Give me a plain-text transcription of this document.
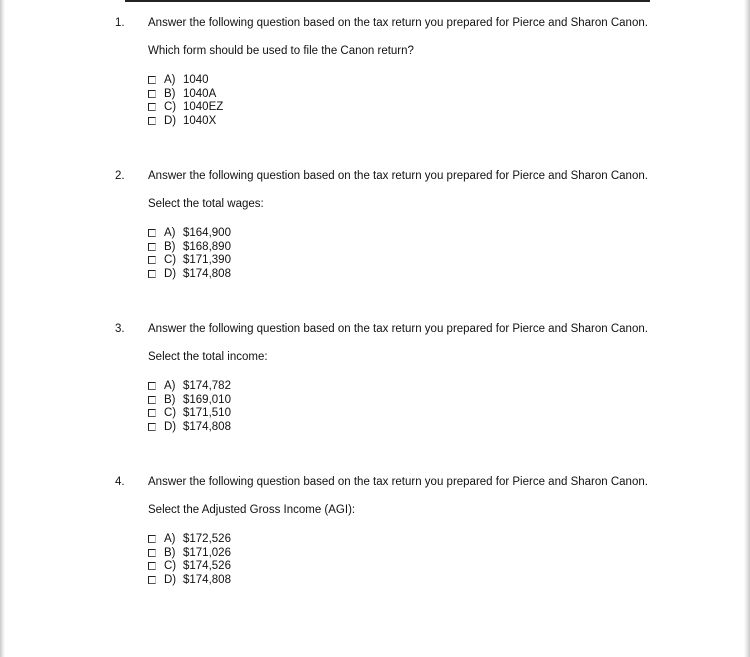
1. Answer the following question based on the tax return you prepared for Pierce and Sharon Canon.

Which form should be used to file the Canon return?

A) 1040
B) 1040A
C) 1040EZ
D) 1040X
2. Answer the following question based on the tax return you prepared for Pierce and Sharon Canon.

Select the total wages:

A) $164,900
B) $168,890
C) $171,390
D) $174,808
3. Answer the following question based on the tax return you prepared for Pierce and Sharon Canon.

Select the total income:

A) $174,782
B) $169,010
C) $171,510
D) $174,808
4. Answer the following question based on the tax return you prepared for Pierce and Sharon Canon.

Select the Adjusted Gross Income (AGI):

A) $172,526
B) $171,026
C) $174,526
D) $174,808
